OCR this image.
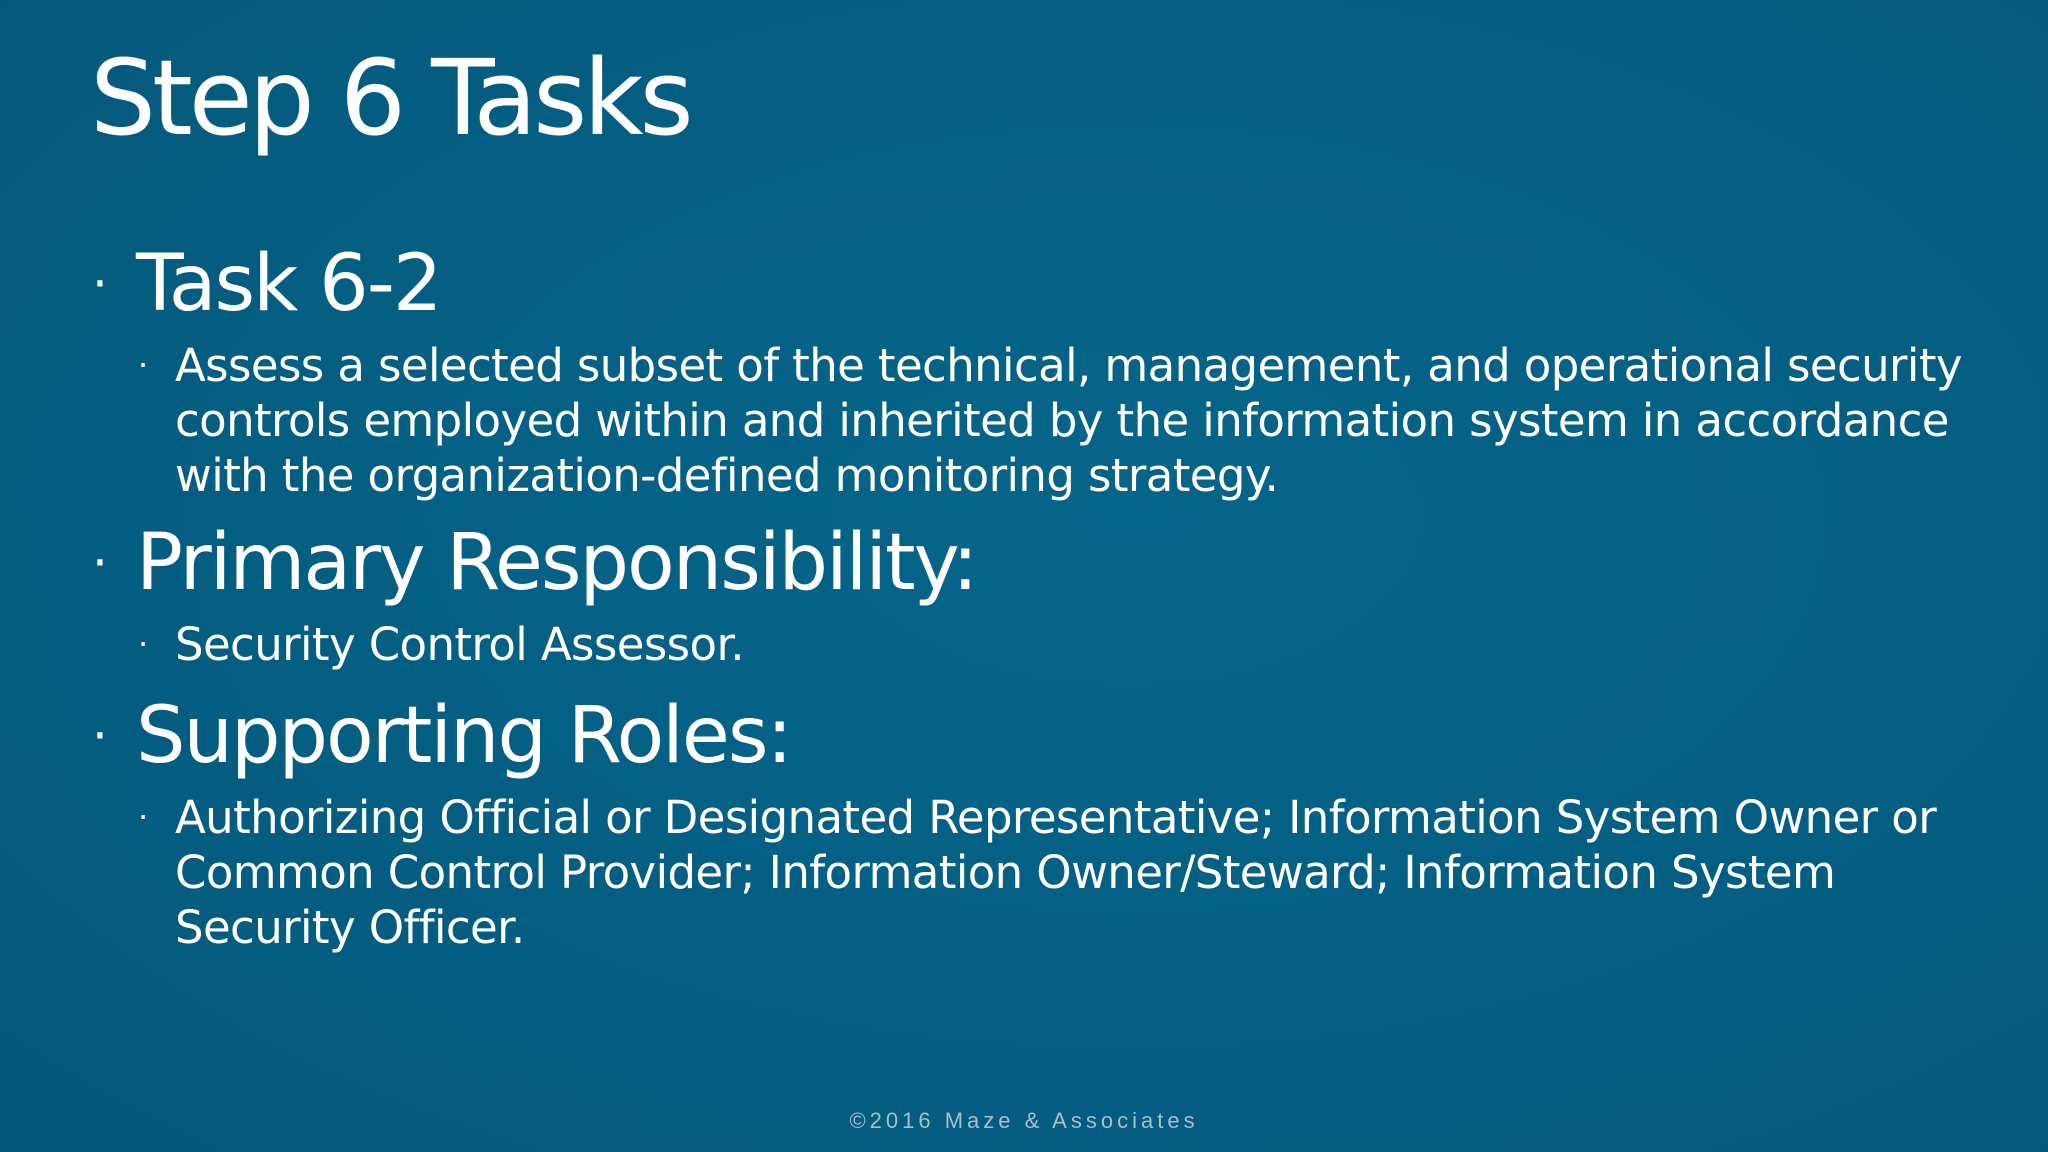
Step 6 Tasks
· Task 6-2
· Assess a selected subset of the technical, management, and operational security controls employed within and inherited by the information system in accordance with the organization-defined monitoring strategy.
· Primary Responsibility:
· Security Control Assessor.
· Supporting Roles:
· Authorizing Official or Designated Representative; Information System Owner or Common Control Provider; Information Owner/Steward; Information System Security Officer.
©2016 Maze & Associates
